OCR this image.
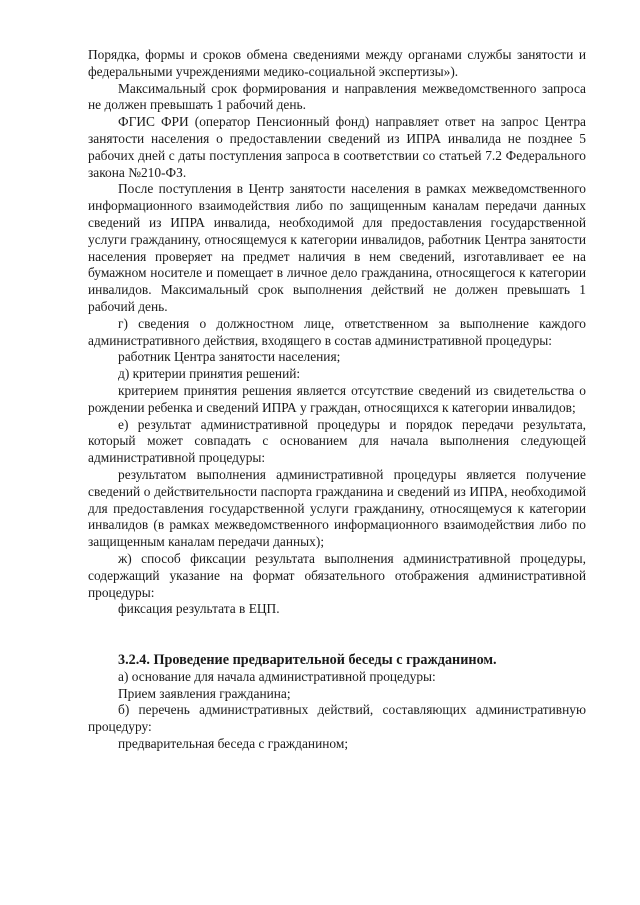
Порядка, формы и сроков обмена сведениями между органами службы занятости и федеральными учреждениями медико-социальной экспертизы»).

Максимальный срок формирования и направления межведомственного запроса не должен превышать 1 рабочий день.

ФГИС ФРИ (оператор Пенсионный фонд) направляет ответ на запрос Центра занятости населения о предоставлении сведений из ИПРА инвалида не позднее 5 рабочих дней с даты поступления запроса в соответствии со статьей 7.2 Федерального закона №210-ФЗ.

После поступления в Центр занятости населения в рамках межведомственного информационного взаимодействия либо по защищенным каналам передачи данных сведений из ИПРА инвалида, необходимой для предоставления государственной услуги гражданину, относящемуся к категории инвалидов, работник Центра занятости населения проверяет на предмет наличия в нем сведений, изготавливает ее на бумажном носителе и помещает в личное дело гражданина, относящегося к категории инвалидов. Максимальный срок выполнения действий не должен превышать 1 рабочий день.

г) сведения о должностном лице, ответственном за выполнение каждого административного действия, входящего в состав административной процедуры:

работник Центра занятости населения;

д) критерии принятия решений:

критерием принятия решения является отсутствие сведений из свидетельства о рождении ребенка и сведений ИПРА у граждан, относящихся к категории инвалидов;

е) результат административной процедуры и порядок передачи результата, который может совпадать с основанием для начала выполнения следующей административной процедуры:

результатом выполнения административной процедуры является получение сведений о действительности паспорта гражданина и сведений из ИПРА, необходимой для предоставления государственной услуги гражданину, относящемуся к категории инвалидов (в рамках межведомственного информационного взаимодействия либо по защищенным каналам передачи данных);

ж) способ фиксации результата выполнения административной процедуры, содержащий указание на формат обязательного отображения административной процедуры:

фиксация результата в ЕЦП.

3.2.4. Проведение предварительной беседы с гражданином.

а) основание для начала административной процедуры:

Прием заявления гражданина;

б) перечень административных действий, составляющих административную процедуру:

предварительная беседа с гражданином;
